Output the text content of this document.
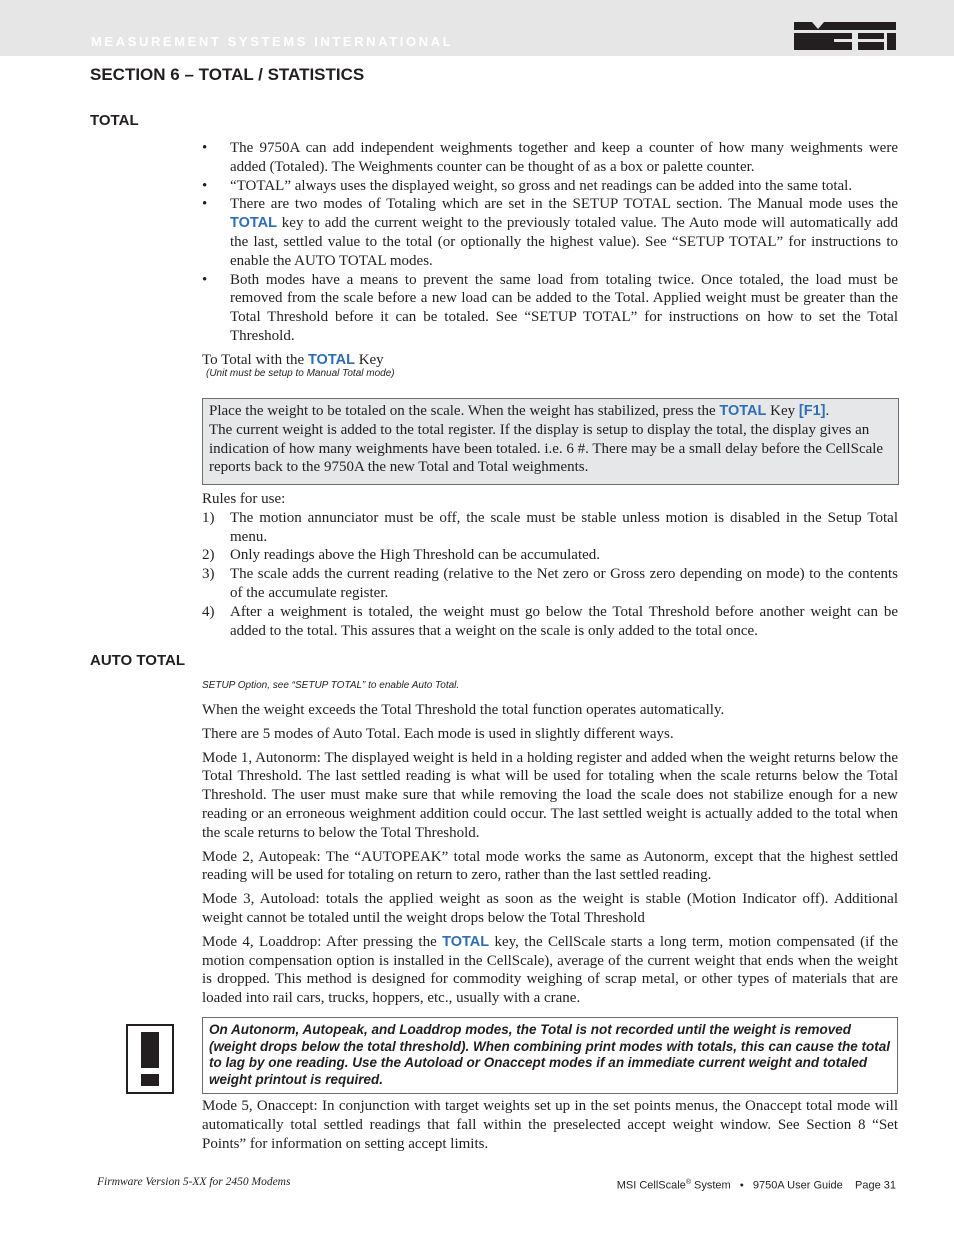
MEASUREMENT SYSTEMS INTERNATIONAL
SECTION 6 – TOTAL / STATISTICS
TOTAL
• The 9750A can add independent weighments together and keep a counter of how many weighments were added (Totaled). The Weighments counter can be thought of as a box or palette counter.
• “TOTAL” always uses the displayed weight, so gross and net readings can be added into the same total.
• There are two modes of Totaling which are set in the SETUP TOTAL section. The Manual mode uses the TOTAL key to add the current weight to the previously totaled value. The Auto mode will automatically add the last, settled value to the total (or optionally the highest value). See “SETUP TOTAL” for instructions to enable the AUTO TOTAL modes.
• Both modes have a means to prevent the same load from totaling twice. Once totaled, the load must be removed from the scale before a new load can be added to the Total. Applied weight must be greater than the Total Threshold before it can be totaled. See “SETUP TOTAL” for instructions on how to set the Total Threshold.
To Total with the TOTAL Key
(Unit must be setup to Manual Total mode)
Place the weight to be totaled on the scale. When the weight has stabilized, press the TOTAL Key [F1].
The current weight is added to the total register. If the display is setup to display the total, the display gives an indication of how many weighments have been totaled. i.e. 6 #. There may be a small delay before the CellScale reports back to the 9750A the new Total and Total weighments.
Rules for use:
1) The motion annunciator must be off, the scale must be stable unless motion is disabled in the Setup Total menu.
2) Only readings above the High Threshold can be accumulated.
3) The scale adds the current reading (relative to the Net zero or Gross zero depending on mode) to the contents of the accumulate register.
4) After a weighment is totaled, the weight must go below the Total Threshold before another weight can be added to the total. This assures that a weight on the scale is only added to the total once.
AUTO TOTAL
SETUP Option, see “SETUP TOTAL” to enable Auto Total.

When the weight exceeds the Total Threshold the total function operates automatically.

There are 5 modes of Auto Total. Each mode is used in slightly different ways.

Mode 1, Autonorm: The displayed weight is held in a holding register and added when the weight returns below the Total Threshold. The last settled reading is what will be used for totaling when the scale returns below the Total Threshold. The user must make sure that while removing the load the scale does not stabilize enough for a new reading or an erroneous weighment addition could occur. The last settled weight is actually added to the total when the scale returns to below the Total Threshold.

Mode 2, Autopeak: The “AUTOPEAK” total mode works the same as Autonorm, except that the highest settled reading will be used for totaling on return to zero, rather than the last settled reading.

Mode 3, Autoload: totals the applied weight as soon as the weight is stable (Motion Indicator off). Additional weight cannot be totaled until the weight drops below the Total Threshold

Mode 4, Loaddrop: After pressing the TOTAL key, the CellScale starts a long term, motion compensated (if the motion compensation option is installed in the CellScale), average of the current weight that ends when the weight is dropped. This method is designed for commodity weighing of scrap metal, or other types of materials that are loaded into rail cars, trucks, hoppers, etc., usually with a crane.

On Autonorm, Autopeak, and Loaddrop modes, the Total is not recorded until the weight is removed (weight drops below the total threshold). When combining print modes with totals, this can cause the total to lag by one reading. Use the Autoload or Onaccept modes if an immediate current weight and totaled weight printout is required.

Mode 5, Onaccept: In conjunction with target weights set up in the set points menus, the Onaccept total mode will automatically total settled readings that fall within the preselected accept weight window. See Section 8 “Set Points” for information on setting accept limits.

Firmware Version 5-XX for 2450 Modems	MSI CellScale® System   •   9750A User Guide    Page 31
